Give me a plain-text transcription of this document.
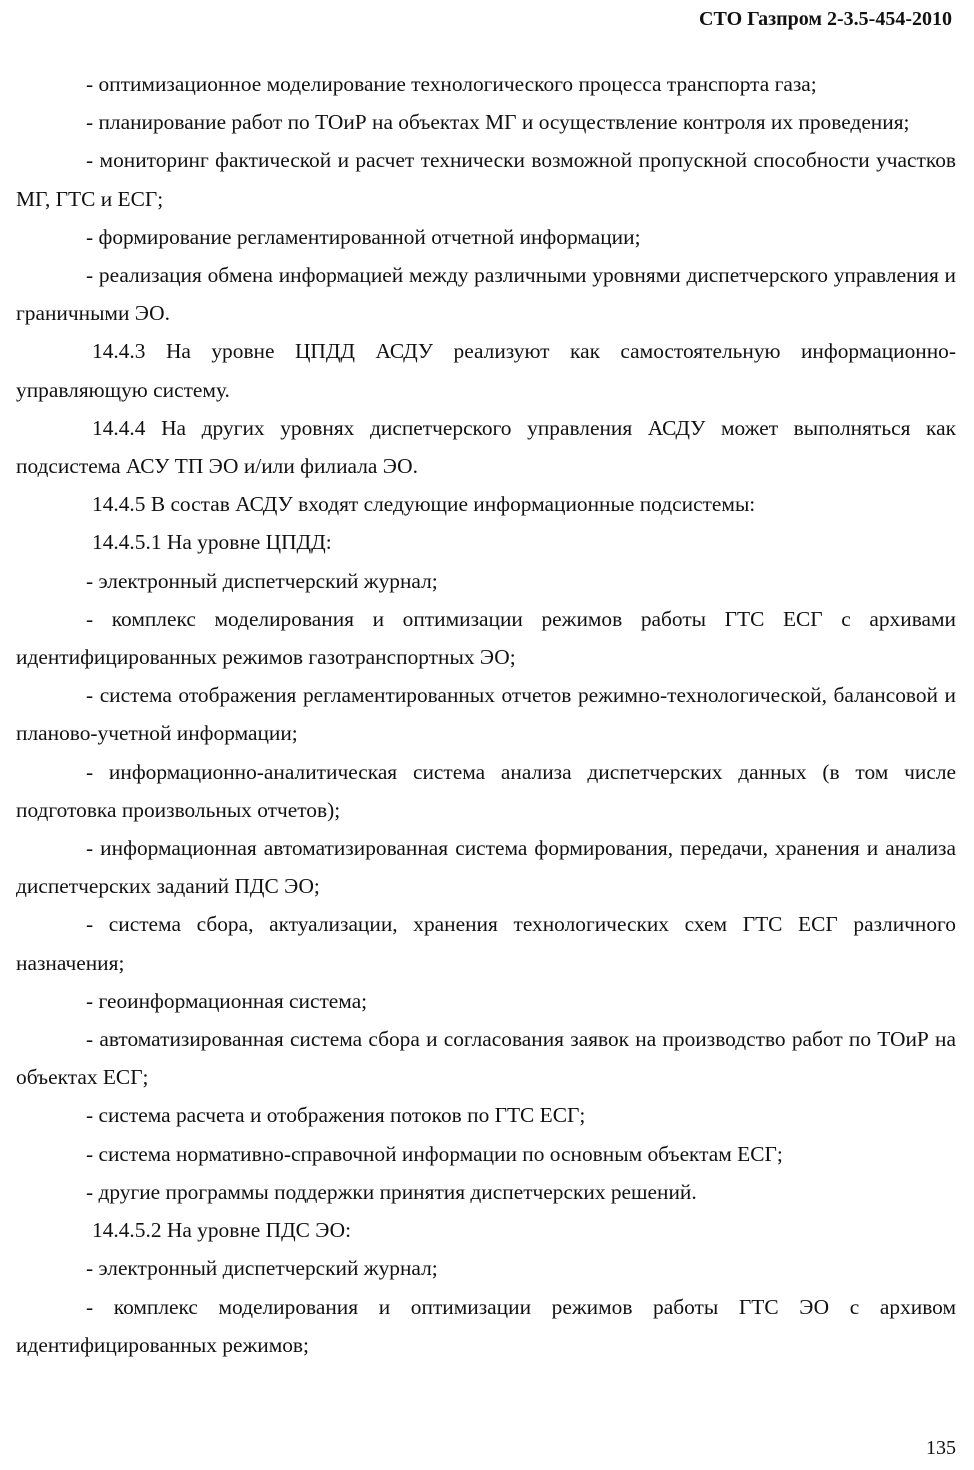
СТО Газпром 2-3.5-454-2010

- оптимизационное моделирование технологического процесса транспорта газа;

- планирование работ по ТОиР на объектах МГ и осуществление контроля их проведения;

- мониторинг фактической и расчет технически возможной пропускной способности участков МГ, ГТС и ЕСГ;

- формирование регламентированной отчетной информации;

- реализация обмена информацией между различными уровнями диспетчерского управления и граничными ЭО.

14.4.3 На уровне ЦПДД АСДУ реализуют как самостоятельную информационно-управляющую систему.

14.4.4 На других уровнях диспетчерского управления АСДУ может выполняться как подсистема АСУ ТП ЭО и/или филиала ЭО.

14.4.5 В состав АСДУ входят следующие информационные подсистемы:

14.4.5.1 На уровне ЦПДД:

- электронный диспетчерский журнал;

- комплекс моделирования и оптимизации режимов работы ГТС ЕСГ с архивами идентифицированных режимов газотранспортных ЭО;

- система отображения регламентированных отчетов режимно-технологической, балансовой и планово-учетной информации;

- информационно-аналитическая система анализа диспетчерских данных (в том числе подготовка произвольных отчетов);

- информационная автоматизированная система формирования, передачи, хранения и анализа диспетчерских заданий ПДС ЭО;

- система сбора, актуализации, хранения технологических схем ГТС ЕСГ различного назначения;

- геоинформационная система;

- автоматизированная система сбора и согласования заявок на производство работ по ТОиР на объектах ЕСГ;

- система расчета и отображения потоков по ГТС ЕСГ;

- система нормативно-справочной информации по основным объектам ЕСГ;

- другие программы поддержки принятия диспетчерских решений.

14.4.5.2 На уровне ПДС ЭО:

- электронный диспетчерский журнал;

- комплекс моделирования и оптимизации режимов работы ГТС ЭО с архивом идентифицированных режимов;

135
